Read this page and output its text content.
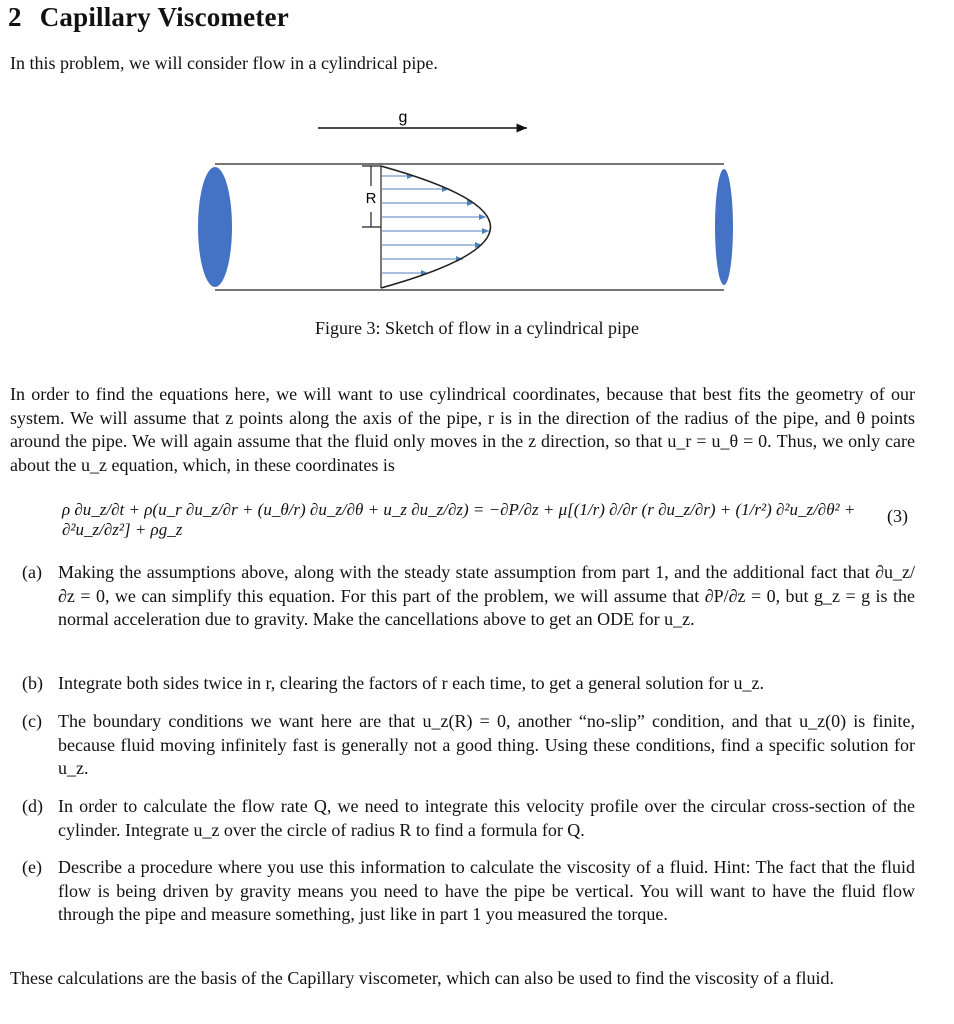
2 Capillary Viscometer
In this problem, we will consider flow in a cylindrical pipe.
g
R
Figure 3: Sketch of flow in a cylindrical pipe
In order to find the equations here, we will want to use cylindrical coordinates, because that best fits the geometry of our system. We will assume that z points along the axis of the pipe, r is in the direction of the radius of the pipe, and θ points around the pipe. We will again assume that the fluid only moves in the z direction, so that u_r = u_θ = 0. Thus, we only care about the u_z equation, which, in these coordinates is
ρ ∂u_z/∂t + ρ(u_r ∂u_z/∂r + (u_θ/r) ∂u_z/∂θ + u_z ∂u_z/∂z) = −∂P/∂z + μ[(1/r) ∂/∂r (r ∂u_z/∂r) + (1/r²) ∂²u_z/∂θ² + ∂²u_z/∂z²] + ρg_z
(3)
(a) Making the assumptions above, along with the steady state assumption from part 1, and the additional fact that ∂u_z/∂z = 0, we can simplify this equation. For this part of the problem, we will assume that ∂P/∂z = 0, but g_z = g is the normal acceleration due to gravity. Make the cancellations above to get an ODE for u_z.
(b) Integrate both sides twice in r, clearing the factors of r each time, to get a general solution for u_z.
(c) The boundary conditions we want here are that u_z(R) = 0, another “no-slip” condition, and that u_z(0) is finite, because fluid moving infinitely fast is generally not a good thing. Using these conditions, find a specific solution for u_z.
(d) In order to calculate the flow rate Q, we need to integrate this velocity profile over the circular cross-section of the cylinder. Integrate u_z over the circle of radius R to find a formula for Q.
(e) Describe a procedure where you use this information to calculate the viscosity of a fluid. Hint: The fact that the fluid flow is being driven by gravity means you need to have the pipe be vertical. You will want to have the fluid flow through the pipe and measure something, just like in part 1 you measured the torque.
These calculations are the basis of the Capillary viscometer, which can also be used to find the viscosity of a fluid.
